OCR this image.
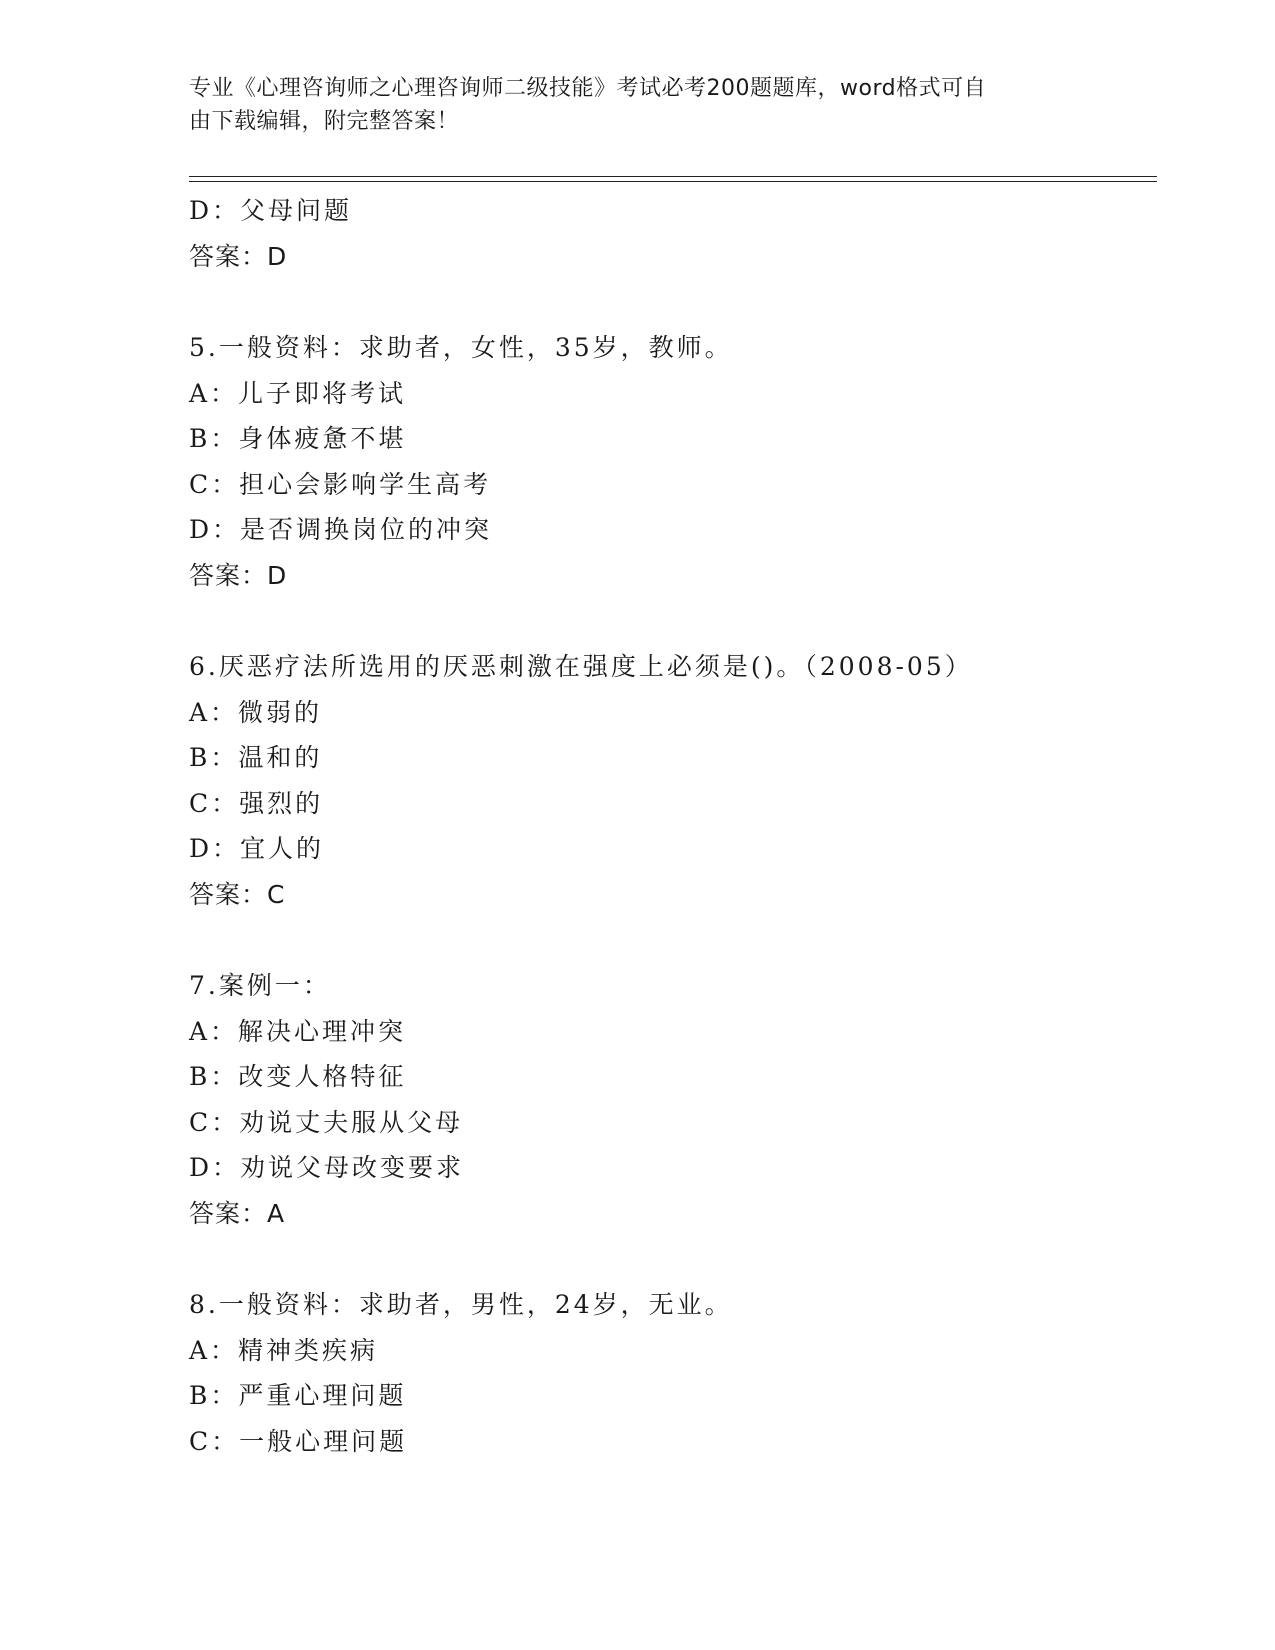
专业《心理咨询师之心理咨询师二级技能》考试必考200题题库，word格式可自
由下载编辑，附完整答案！
D：父母问题
答案：D
5.一般资料：求助者，女性，35岁，教师。
A：儿子即将考试
B：身体疲惫不堪
C：担心会影响学生高考
D：是否调换岗位的冲突
答案：D
6.厌恶疗法所选用的厌恶刺激在强度上必须是()。（2008-05）
A：微弱的
B：温和的
C：强烈的
D：宜人的
答案：C
7.案例一：
A：解决心理冲突
B：改变人格特征
C：劝说丈夫服从父母
D：劝说父母改变要求
答案：A
8.一般资料：求助者，男性，24岁，无业。
A：精神类疾病
B：严重心理问题
C：一般心理问题
